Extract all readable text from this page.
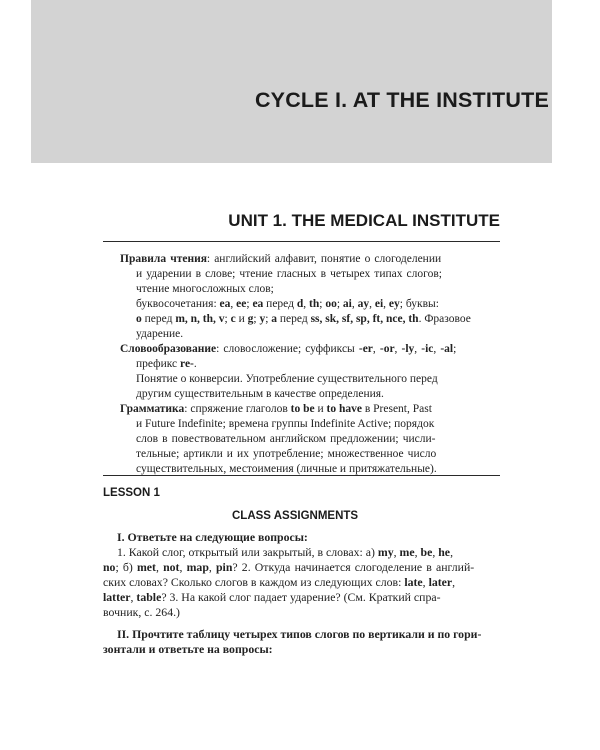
CYCLE I. AT THE INSTITUTE
UNIT 1. THE MEDICAL INSTITUTE
Правила чтения: английский алфавит, понятие о слогоделении
и ударении в слове; чтение гласных в четырех типах слогов;
чтение многосложных слов;
буквосочетания: ea, ee; ea перед d, th; oo; ai, ay, ei, ey; буквы:
o перед m, n, th, v; c и g; y; a перед ss, sk, sf, sp, ft, nce, th. Фразовое
ударение.
Словообразование: словосложение; суффиксы -er, -or, -ly, -ic, -al;
префикс re-.
Понятие о конверсии. Употребление существительного перед
другим существительным в качестве определения.
Грамматика: спряжение глаголов to be и to have в Present, Past
и Future Indefinite; времена группы Indefinite Active; порядок
слов в повествовательном английском предложении; числи-
тельные; артикли и их употребление; множественное число
существительных, местоимения (личные и притяжательные).
LESSON 1
CLASS ASSIGNMENTS
I. Ответьте на следующие вопросы:
1. Какой слог, открытый или закрытый, в словах: а) my, me, be, he,
no; б) met, not, map, pin? 2. Откуда начинается слогоделение в англий-
ских словах? Сколько слогов в каждом из следующих слов: late, later,
latter, table? 3. На какой слог падает ударение? (См. Краткий спра-
вочник, с. 264.)
II. Прочтите таблицу четырех типов слогов по вертикали и по гори-
зонтали и ответьте на вопросы:
